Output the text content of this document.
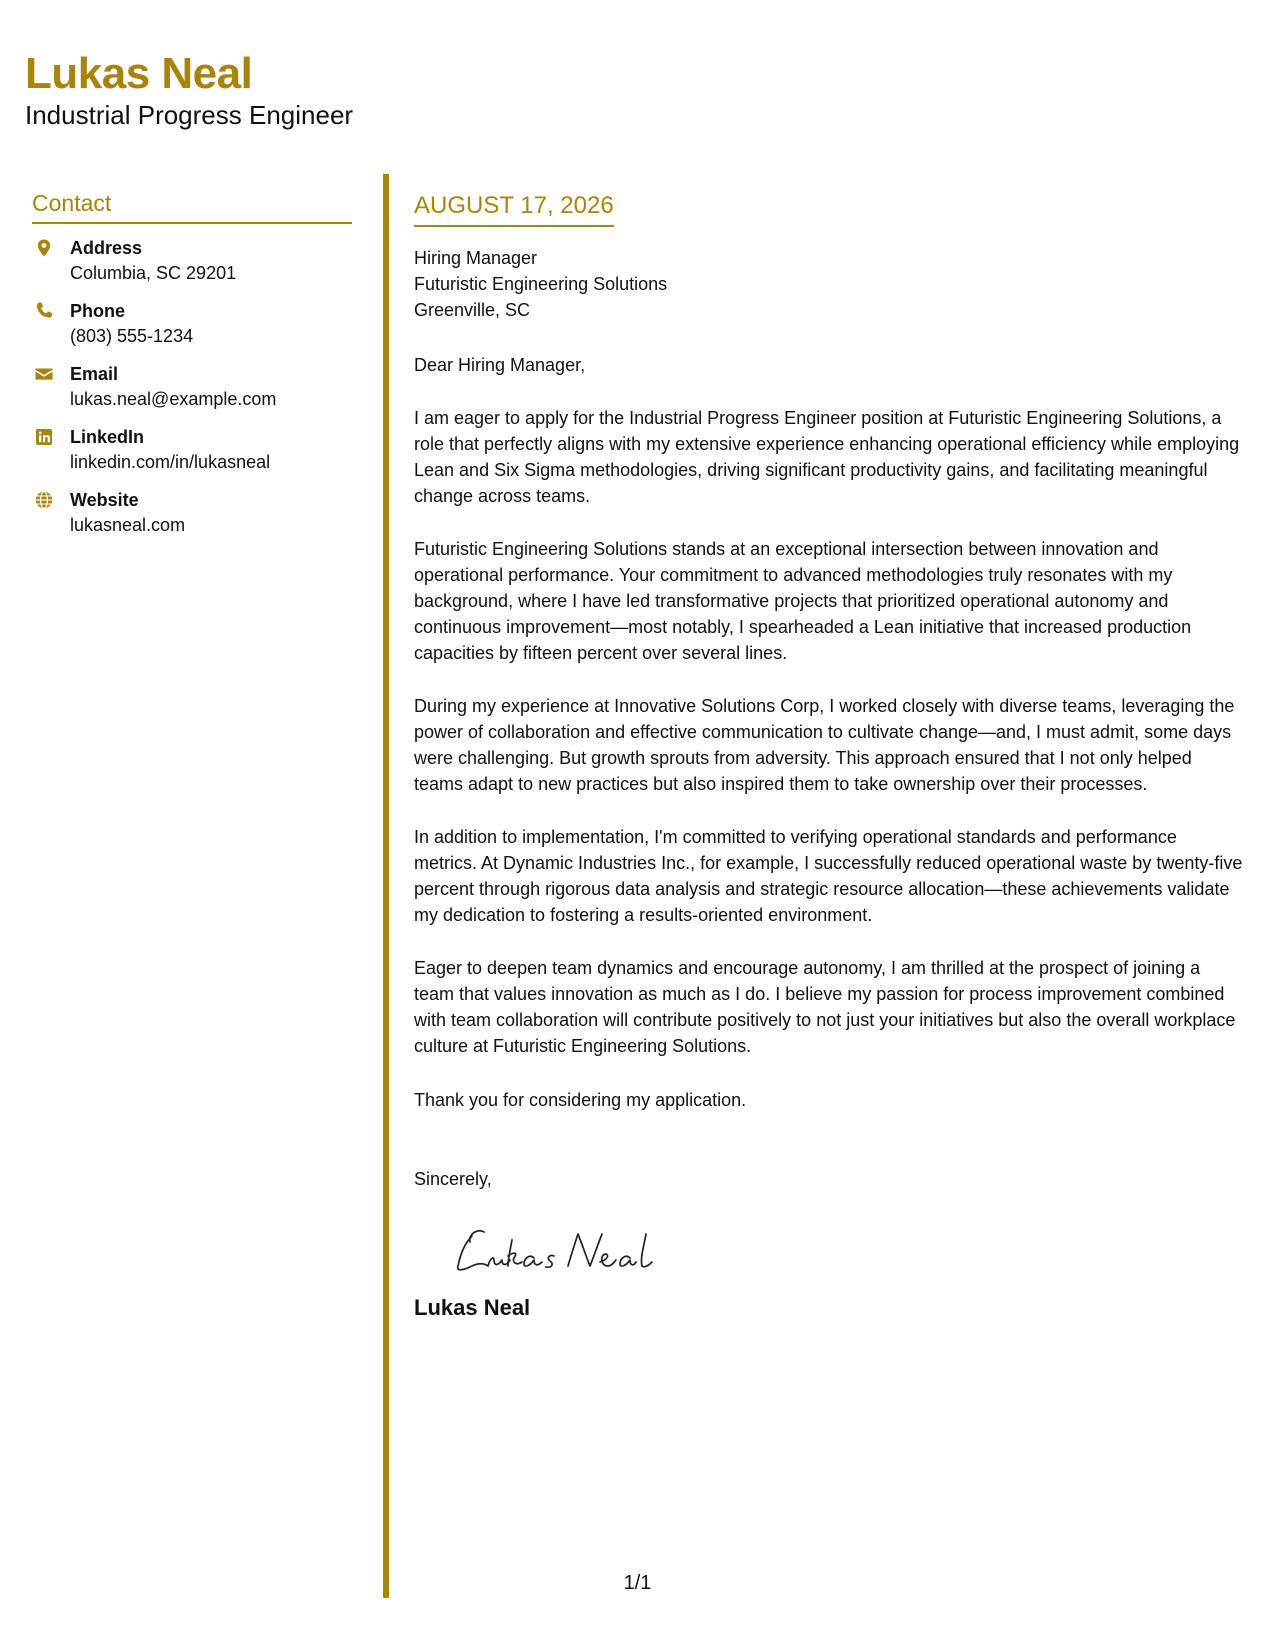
Lukas Neal
Industrial Progress Engineer
Contact
Address
Columbia, SC 29201
Phone
(803) 555-1234
Email
lukas.neal@example.com
LinkedIn
linkedin.com/in/lukasneal
Website
lukasneal.com
AUGUST 17, 2026
Hiring Manager
Futuristic Engineering Solutions
Greenville, SC
Dear Hiring Manager,
I am eager to apply for the Industrial Progress Engineer position at Futuristic Engineering Solutions, a role that perfectly aligns with my extensive experience enhancing operational efficiency while employing Lean and Six Sigma methodologies, driving significant productivity gains, and facilitating meaningful change across teams.
Futuristic Engineering Solutions stands at an exceptional intersection between innovation and operational performance. Your commitment to advanced methodologies truly resonates with my background, where I have led transformative projects that prioritized operational autonomy and continuous improvement—most notably, I spearheaded a Lean initiative that increased production capacities by fifteen percent over several lines.
During my experience at Innovative Solutions Corp, I worked closely with diverse teams, leveraging the power of collaboration and effective communication to cultivate change—and, I must admit, some days were challenging. But growth sprouts from adversity. This approach ensured that I not only helped teams adapt to new practices but also inspired them to take ownership over their processes.
In addition to implementation, I'm committed to verifying operational standards and performance metrics. At Dynamic Industries Inc., for example, I successfully reduced operational waste by twenty-five percent through rigorous data analysis and strategic resource allocation—these achievements validate my dedication to fostering a results-oriented environment.
Eager to deepen team dynamics and encourage autonomy, I am thrilled at the prospect of joining a team that values innovation as much as I do. I believe my passion for process improvement combined with team collaboration will contribute positively to not just your initiatives but also the overall workplace culture at Futuristic Engineering Solutions.
Thank you for considering my application.
Sincerely,
Lukas Neal
1/1
